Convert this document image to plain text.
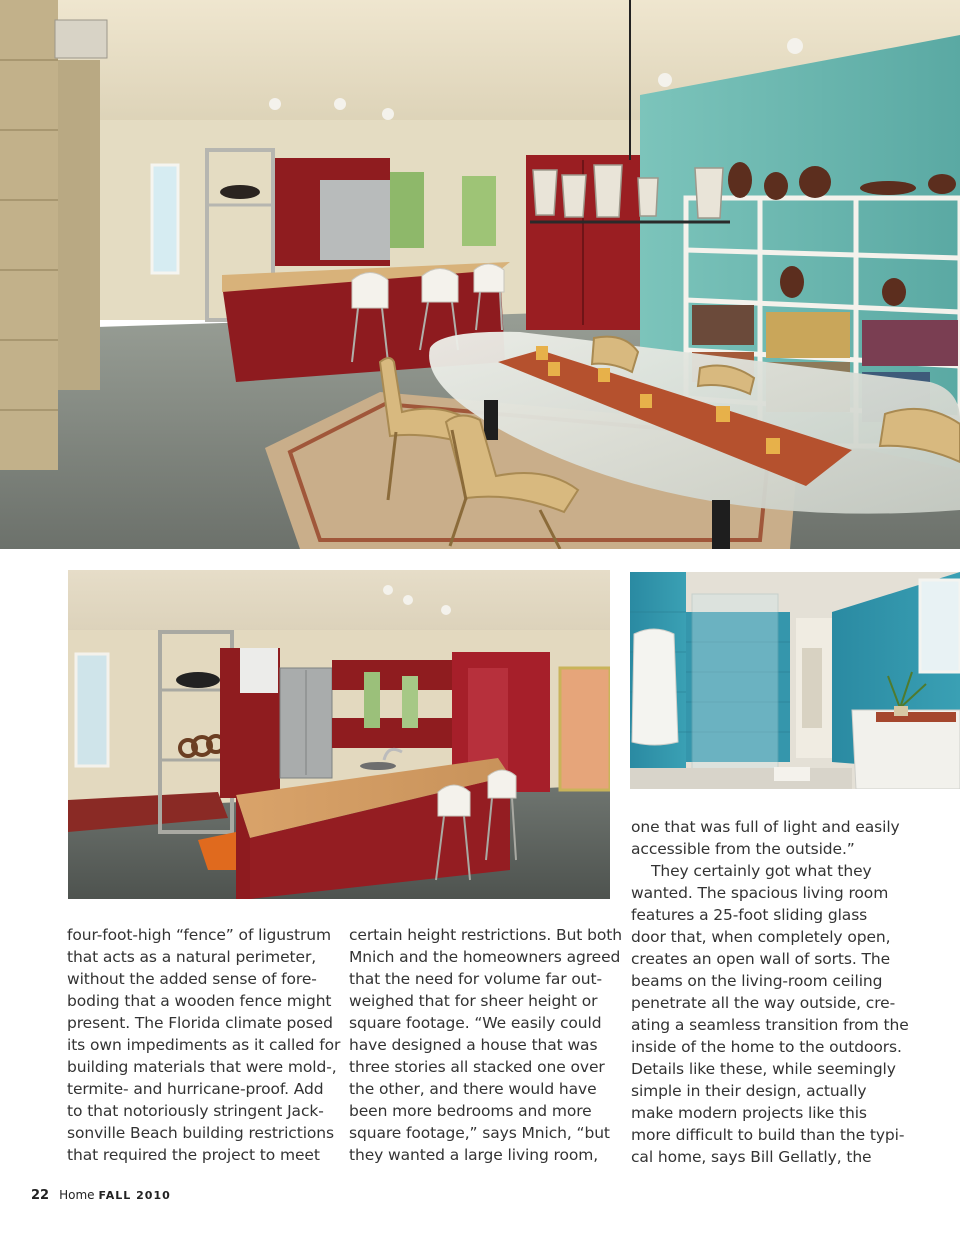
four-foot-high “fence” of ligustrum
that acts as a natural perimeter,
without the added sense of fore-
boding that a wooden fence might
present. The Florida climate posed
its own impediments as it called for
building materials that were mold-,
termite- and hurricane-proof. Add
to that notoriously stringent Jack-
sonville Beach building restrictions
that required the project to meet
certain height restrictions. But both
Mnich and the homeowners agreed
that the need for volume far out-
weighed that for sheer height or
square footage. “We easily could
have designed a house that was
three stories all stacked one over
the other, and there would have
been more bedrooms and more
square footage,” says Mnich, “but
they wanted a large living room,
one that was full of light and easily
accessible from the outside.”
They certainly got what they
wanted. The spacious living room
features a 25-foot sliding glass
door that, when completely open,
creates an open wall of sorts. The
beams on the living-room ceiling
penetrate all the way outside, cre-
ating a seamless transition from the
inside of the home to the outdoors.
Details like these, while seemingly
simple in their design, actually
make modern projects like this
more difficult to build than the typi-
cal home, says Bill Gellatly, the
22 Home FALL 2010
